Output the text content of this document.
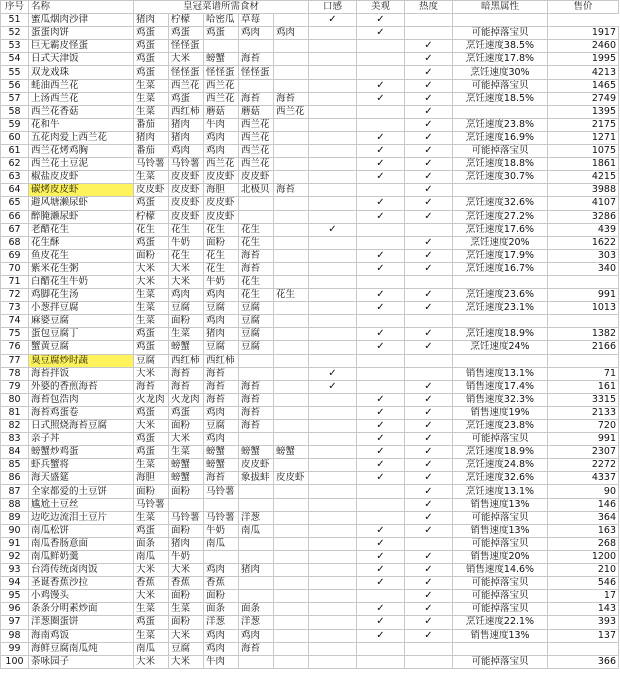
序号	名称	皇冠菜谱所需食材					口感	美观	热度	暗黑属性	售价
51	蜜瓜烟肉沙律	猪肉	柠檬	哈密瓜	草莓		✓	✓			
52	蛋蛋肉饼	鸡蛋	鸡蛋	鸡蛋	鸡肉	鸡肉		✓		可能掉落宝贝	1917
53	巨无霸皮怪蛋	鸡蛋	怪怪蛋						✓	烹饪速度38.5%	2460
54	日式天津饭	鸡蛋	大米	螃蟹	海苔				✓	烹饪速度17.8%	1995
55	双龙戏珠	鸡蛋	怪怪蛋	怪怪蛋	怪怪蛋				✓	烹饪速度30%	4213
56	蚝油西兰花	生菜	西兰花	西兰花				✓	✓	可能掉落宝贝	1465
57	上汤西兰花	生菜	鸡蛋	西兰花	海苔	海苔		✓	✓	烹饪速度18.5%	2749
58	西兰花香菇	生菜	西红柿	蘑菇	蘑菇	西兰花			✓		1395
59	花和牛	番茄	猪肉	牛肉	西兰花				✓	烹饪速度23.8%	2175
60	五花肉爱上西兰花	猪肉	猪肉	鸡肉	西兰花			✓	✓	烹饪速度16.9%	1271
61	西兰花烤鸡胸	番茄	鸡肉	鸡肉	西兰花			✓	✓	可能掉落宝贝	1075
62	西兰花土豆泥	马铃薯	马铃薯	西兰花	西兰花			✓	✓	烹饪速度18.8%	1861
63	椒盐皮皮虾	生菜	皮皮虾	皮皮虾	皮皮虾			✓	✓	烹饪速度30.7%	4215
64	碳烤皮皮虾	皮皮虾	皮皮虾	海胆	北极贝	海苔			✓		3988
65	避风塘濑尿虾	鸡蛋	皮皮虾	皮皮虾				✓	✓	烹饪速度32.6%	4107
66	醉腌濑尿虾	柠檬	皮皮虾	皮皮虾				✓	✓	烹饪速度27.2%	3286
67	老醋花生	花生	花生	花生	花生		✓			烹饪速度17.6%	439
68	花生酥	鸡蛋	牛奶	面粉	花生				✓	烹饪速度20%	1622
69	鱼皮花生	面粉	花生	花生	海苔			✓	✓	烹饪速度17.9%	303
70	紫米花生粥	大米	大米	花生	海苔			✓	✓	烹饪速度16.7%	340
71	白醋花生牛奶	大米	大米	牛奶	花生						
72	鸡脚花生汤	生菜	鸡肉	鸡肉	花生	花生		✓	✓	烹饪速度23.6%	991
73	小葱拌豆腐	生菜	豆腐	豆腐	豆腐			✓	✓	烹饪速度23.1%	1013
74	麻婆豆腐	生菜	面粉	鸡肉	豆腐						
75	蛋包豆腐丁	鸡蛋	生菜	猪肉	豆腐			✓	✓	烹饪速度18.9%	1382
76	蟹黄豆腐	鸡蛋	螃蟹	豆腐	豆腐			✓	✓	烹饪速度24%	2166
77	臭豆腐炒时蔬	豆腐	西红柿	西红柿							
78	海苔拌饭	大米	海苔	海苔			✓			销售速度13.1%	71
79	外婆的香煎海苔	海苔	海苔	海苔	海苔		✓		✓	销售速度17.4%	161
80	海苔包浩肉	火龙肉	火龙肉	海苔	海苔			✓	✓	销售速度32.3%	3315
81	海苔鸡蛋卷	鸡蛋	鸡蛋	鸡肉	海苔			✓	✓	销售速度19%	2133
82	日式照烧海苔豆腐	大米	面粉	豆腐	海苔			✓	✓	烹饪速度23.8%	720
83	亲子丼	鸡蛋	大米	鸡肉				✓	✓	可能掉落宝贝	991
84	螃蟹炒鸡蛋	鸡蛋	生菜	螃蟹	螃蟹	螃蟹		✓	✓	烹饪速度18.9%	2307
85	虾兵蟹将	生菜	螃蟹	螃蟹	皮皮虾			✓	✓	烹饪速度24.8%	2272
86	海天盛筵	海胆	螃蟹	海苔	象拔蚌	皮皮虾		✓	✓	烹饪速度32.6%	4337
87	全家都爱的土豆饼	面粉	面粉	马铃薯					✓	烹饪速度13.1%	90
88	尴尬土豆丝	马铃薯							✓	销售速度13%	146
89	边吃边流泪土豆片	生菜	马铃薯	马铃薯	洋葱				✓	可能掉落宝贝	364
90	南瓜松饼	鸡蛋	面粉	牛奶	南瓜			✓	✓	销售速度13%	163
91	南瓜香肠意面	面条	猪肉	南瓜				✓		可能掉落宝贝	268
92	南瓜鲜奶羹	南瓜	牛奶					✓	✓	销售速度20%	1200
93	台湾传统卤肉饭	大米	大米	鸡肉	猪肉			✓	✓	销售速度14.6%	210
94	圣诞香蕉沙拉	香蕉	香蕉	香蕉				✓	✓	可能掉落宝贝	546
95	小鸡馒头	大米	面粉	面粉					✓	可能掉落宝贝	17
96	条条分明素炒面	生菜	生菜	面条	面条			✓	✓	可能掉落宝贝	143
97	洋葱圈蛋饼	鸡蛋	面粉	洋葱	洋葱			✓	✓	烹饪速度22.1%	393
98	海南鸡饭	生菜	大米	鸡肉	鸡肉			✓	✓	销售速度13%	137
99	海鲜豆腐南瓜炖	南瓜	豆腐	鸡肉	海苔						
100	荼咏园子	大米	大米	牛肉						可能掉落宝贝	366
